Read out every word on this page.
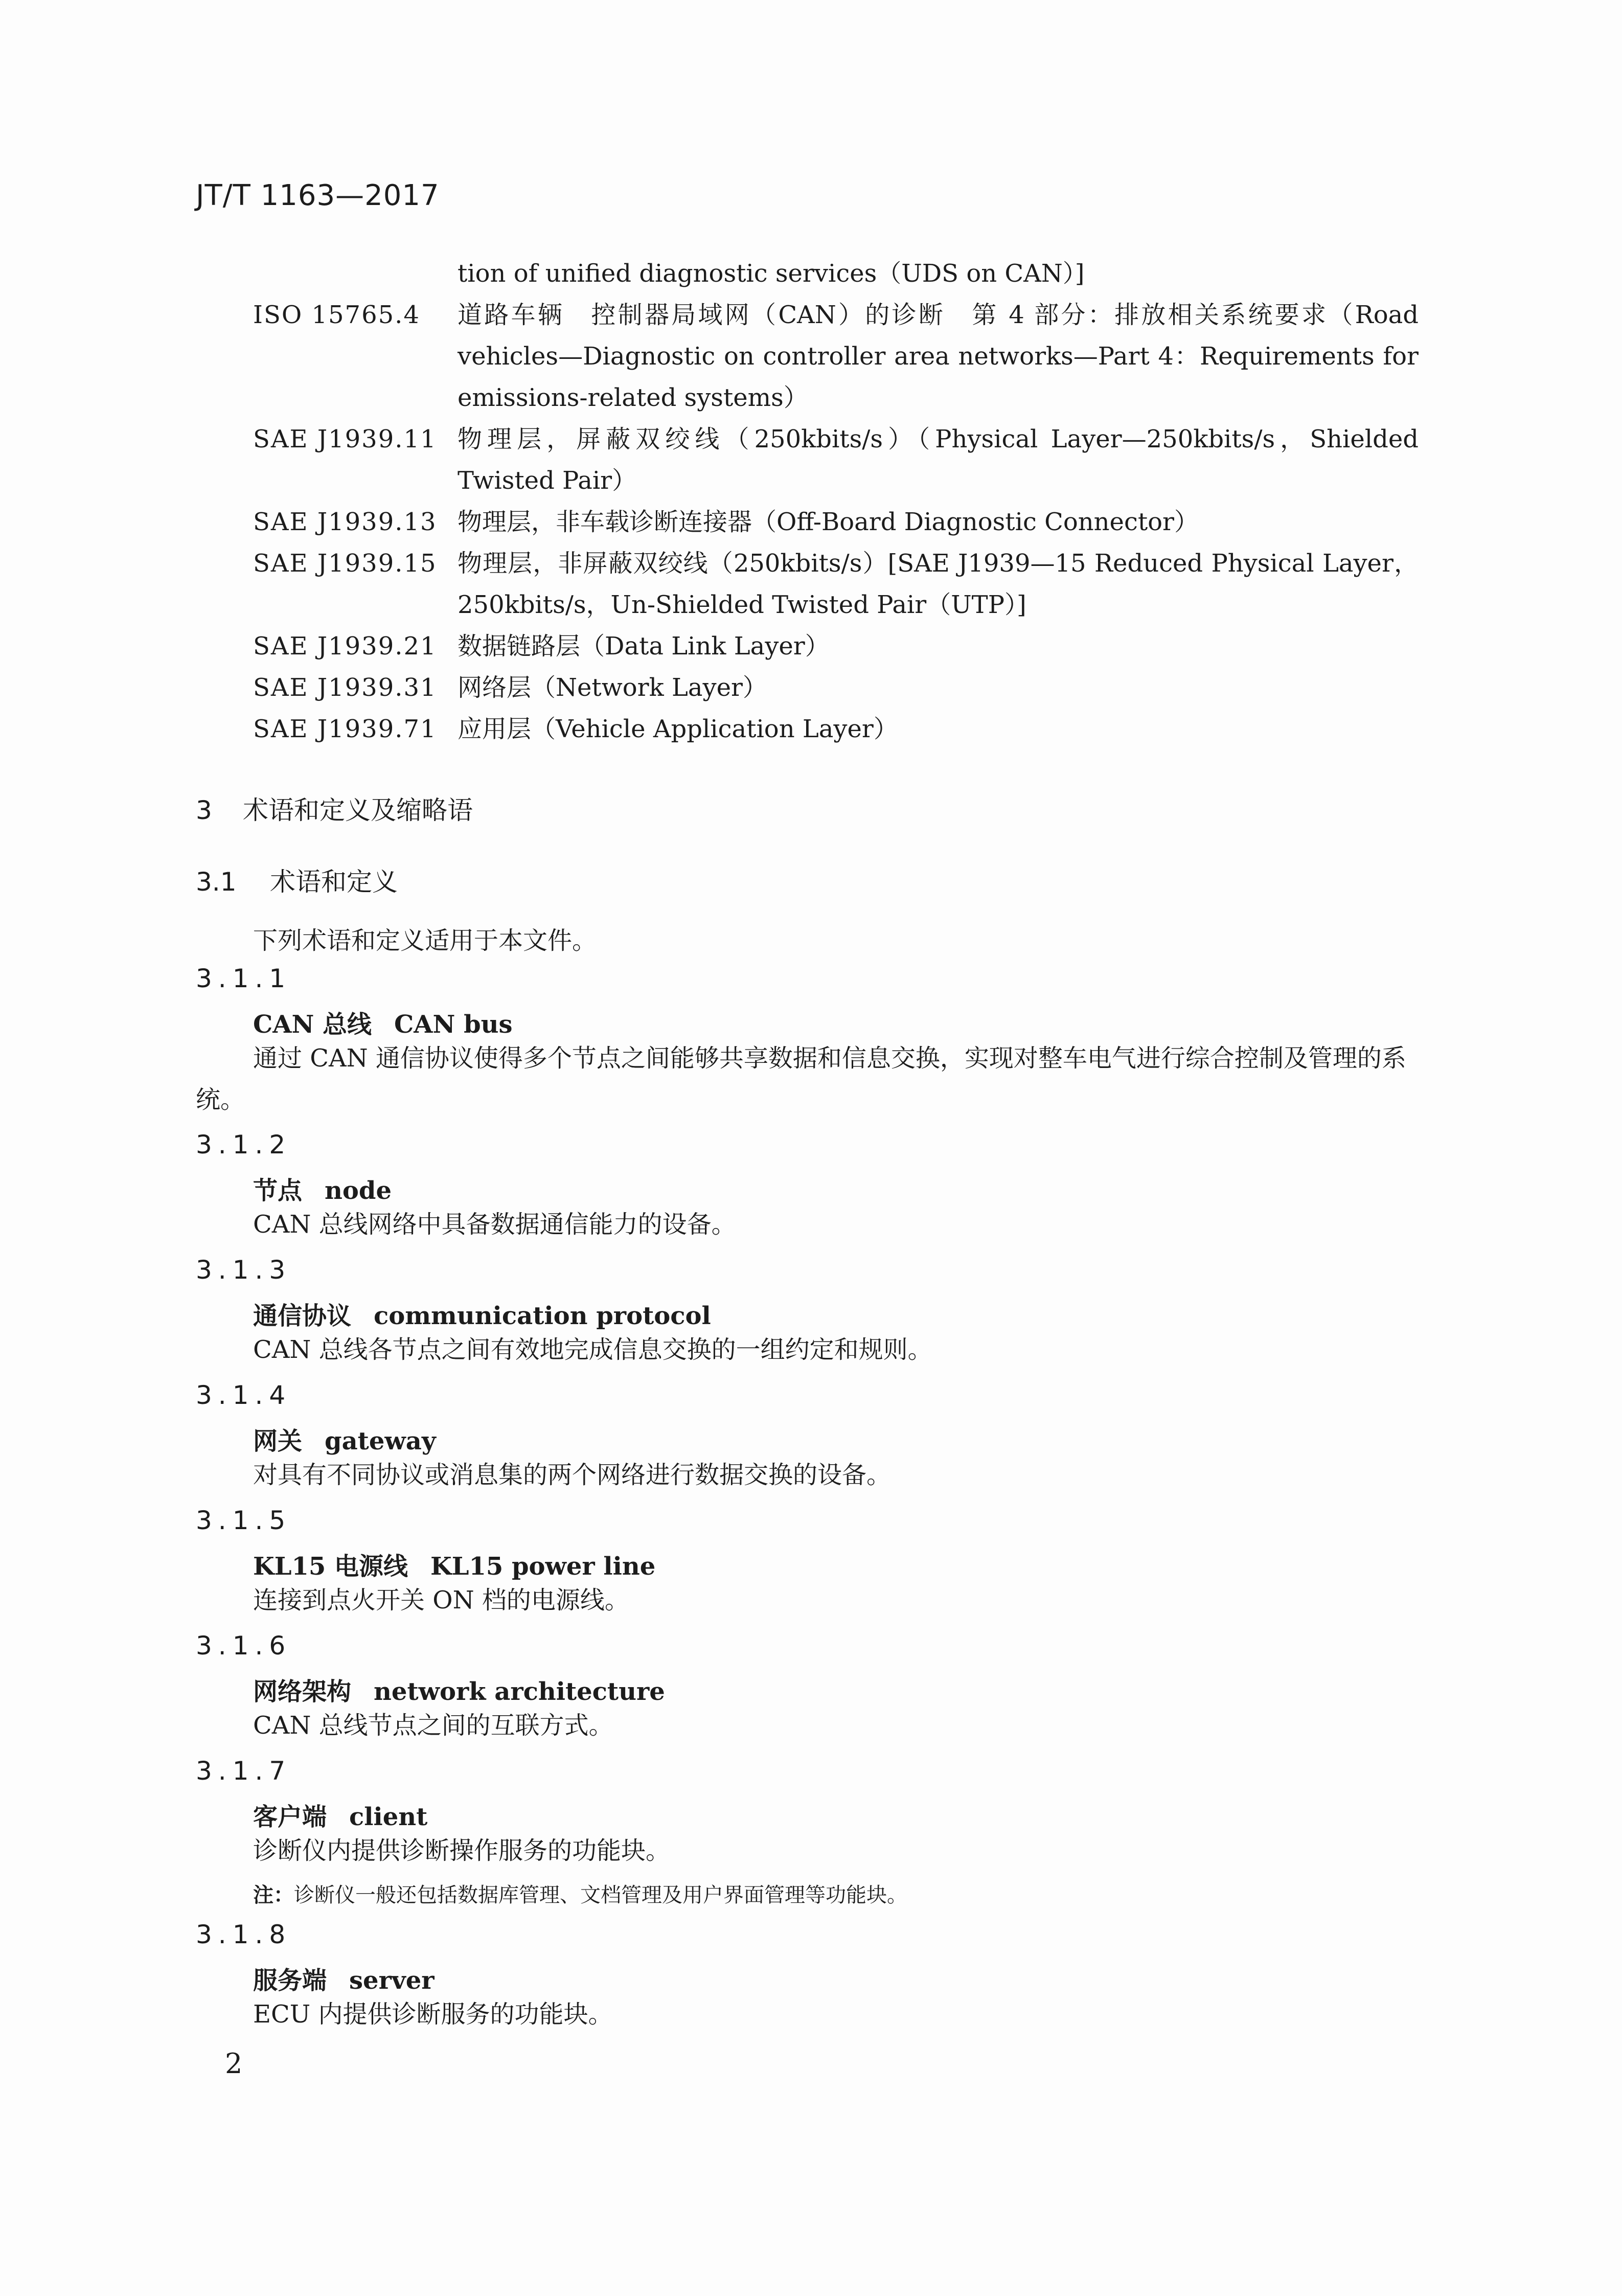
JT/T 1163—2017
tion of unified diagnostic services（UDS on CAN）]
ISO 15765.4	道路车辆　控制器局域网（CAN）的诊断　第 4 部分：排放相关系统要求（Road vehicles—Diagnostic on controller area networks—Part 4：Requirements for emissions-related systems）
SAE J1939.11 物理层，屏蔽双绞线（250kbits/s）（Physical Layer—250kbits/s，Shielded Twisted Pair）
SAE J1939.13 物理层，非车载诊断连接器（Off-Board Diagnostic Connector）
SAE J1939.15 物理层，非屏蔽双绞线（250kbits/s）[SAE J1939—15 Reduced Physical Layer，250kbits/s，Un-Shielded Twisted Pair（UTP）]
SAE J1939.21 数据链路层（Data Link Layer）
SAE J1939.31 网络层（Network Layer）
SAE J1939.71 应用层（Vehicle Application Layer）
3 术语和定义及缩略语
3.1 术语和定义
下列术语和定义适用于本文件。
3.1.1
CAN 总线 CAN bus
通过 CAN 通信协议使得多个节点之间能够共享数据和信息交换，实现对整车电气进行综合控制及管理的系统。
3.1.2
节点 node
CAN 总线网络中具备数据通信能力的设备。
3.1.3
通信协议 communication protocol
CAN 总线各节点之间有效地完成信息交换的一组约定和规则。
3.1.4
网关 gateway
对具有不同协议或消息集的两个网络进行数据交换的设备。
3.1.5
KL15 电源线 KL15 power line
连接到点火开关 ON 档的电源线。
3.1.6
网络架构 network architecture
CAN 总线节点之间的互联方式。
3.1.7
客户端 client
诊断仪内提供诊断操作服务的功能块。
注：诊断仪一般还包括数据库管理、文档管理及用户界面管理等功能块。
3.1.8
服务端 server
ECU 内提供诊断服务的功能块。
2
